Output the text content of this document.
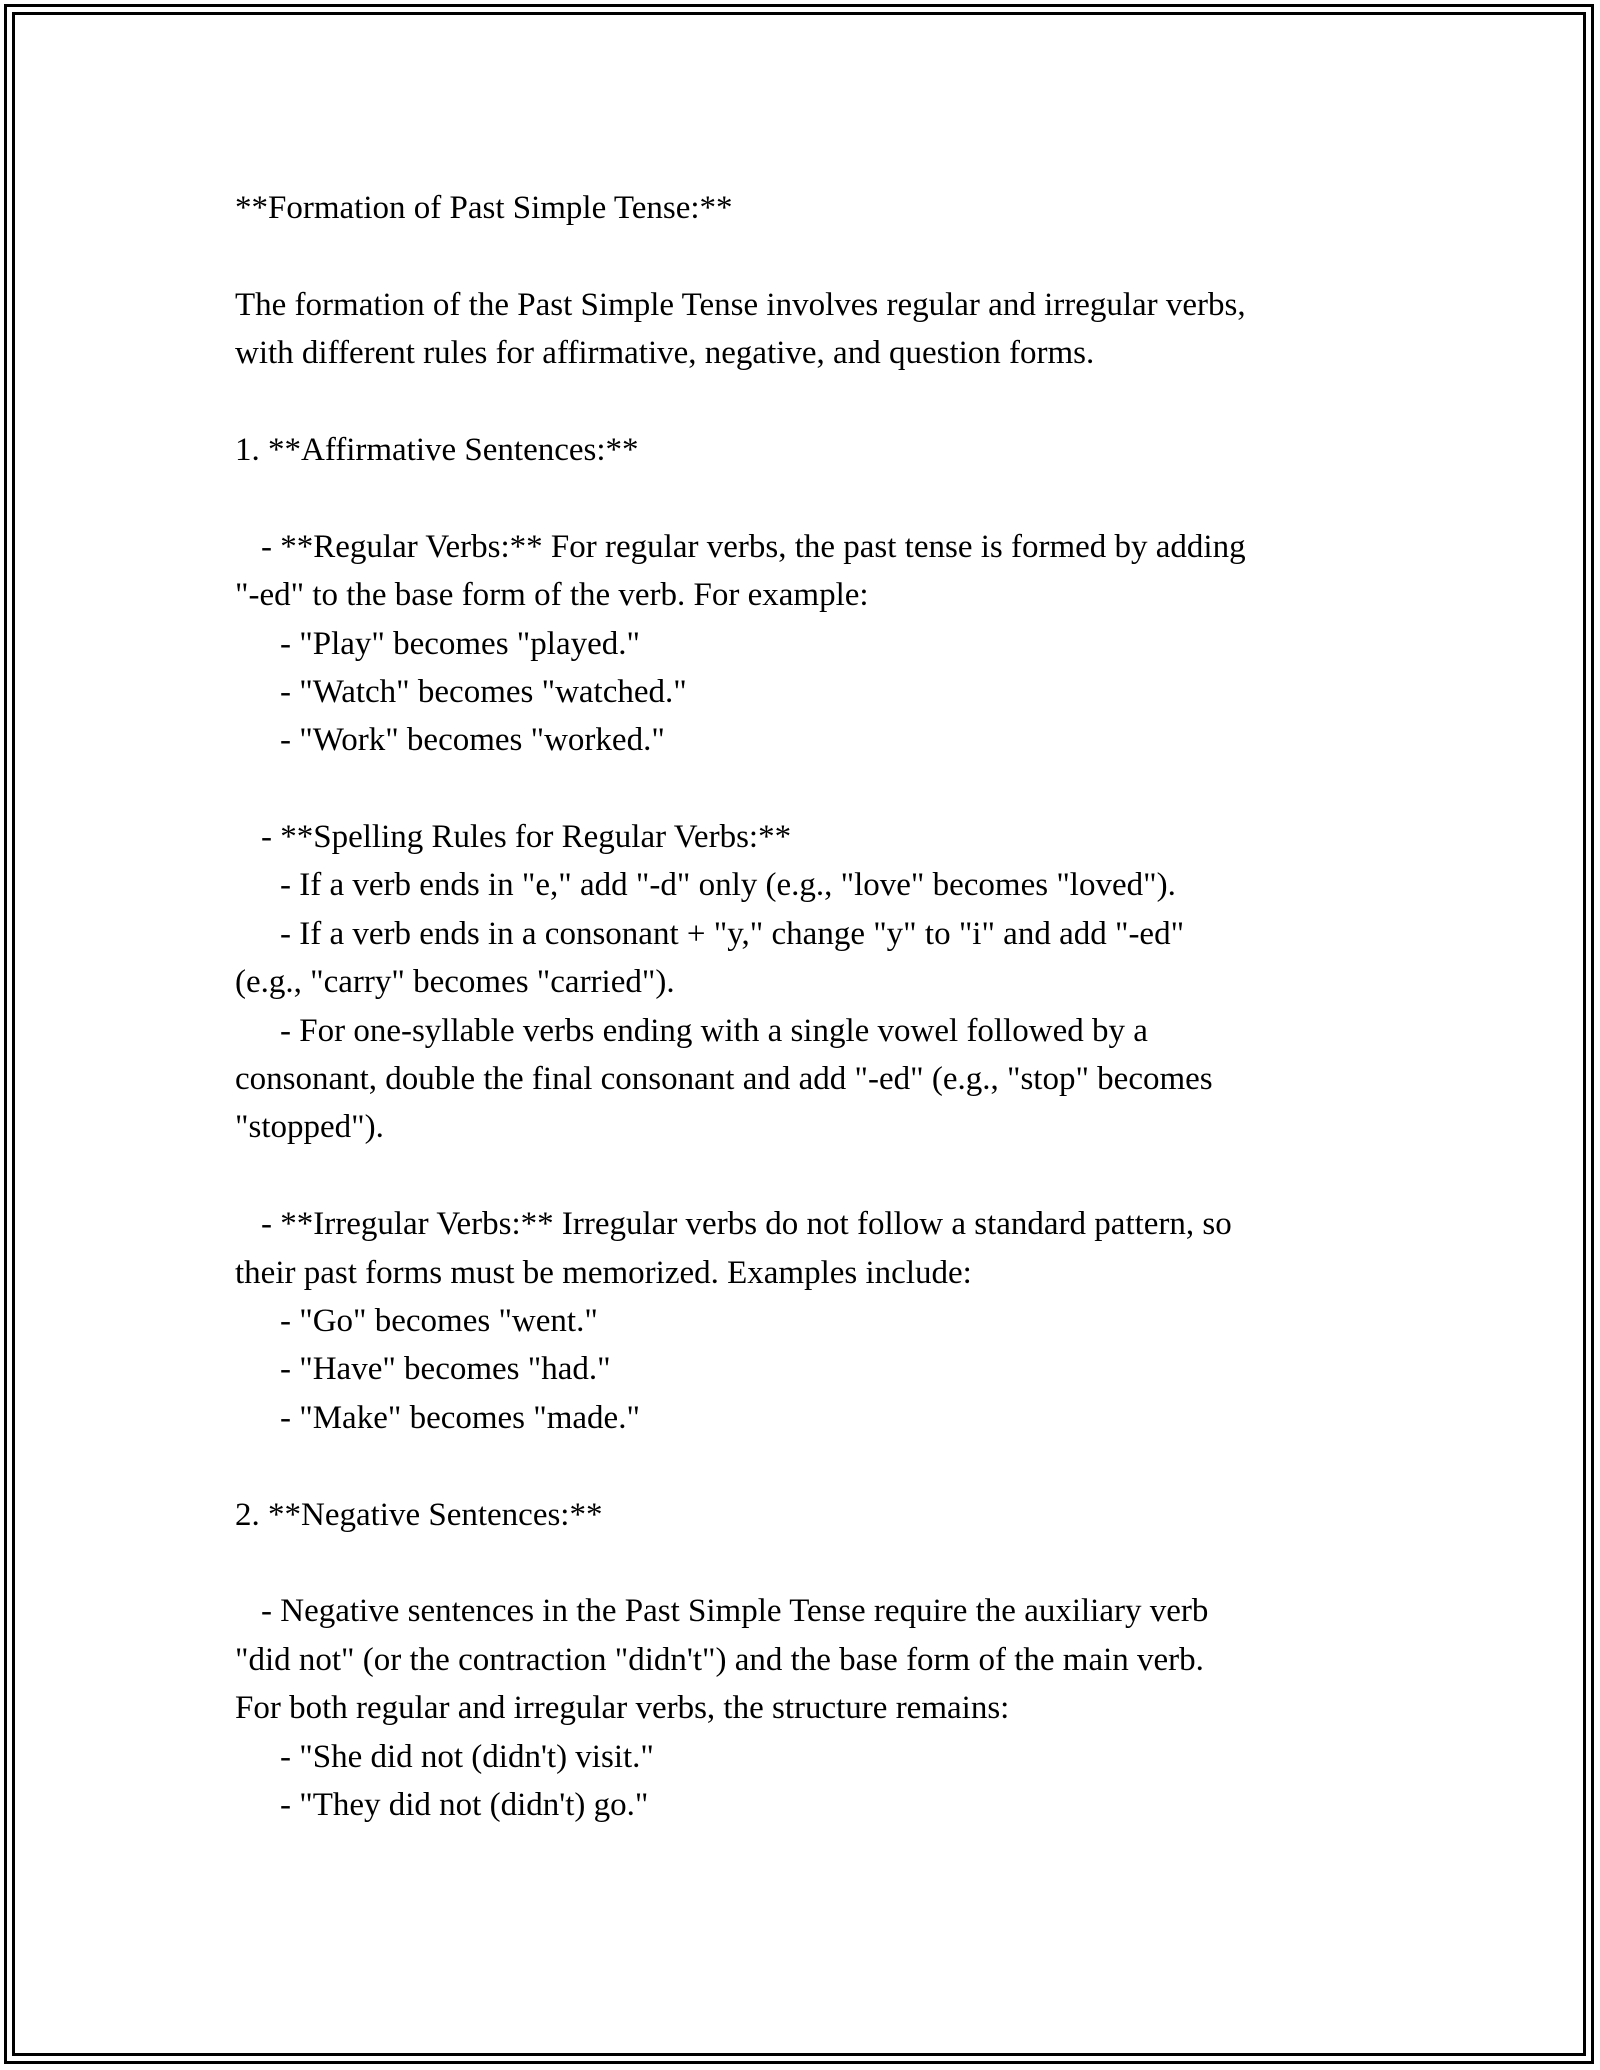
**Formation of Past Simple Tense:**
The formation of the Past Simple Tense involves regular and irregular verbs,
with different rules for affirmative, negative, and question forms.
1. **Affirmative Sentences:**
- **Regular Verbs:** For regular verbs, the past tense is formed by adding
"-ed" to the base form of the verb. For example:
- "Play" becomes "played."
- "Watch" becomes "watched."
- "Work" becomes "worked."
- **Spelling Rules for Regular Verbs:**
- If a verb ends in "e," add "-d" only (e.g., "love" becomes "loved").
- If a verb ends in a consonant + "y," change "y" to "i" and add "-ed"
(e.g., "carry" becomes "carried").
- For one-syllable verbs ending with a single vowel followed by a
consonant, double the final consonant and add "-ed" (e.g., "stop" becomes
"stopped").
- **Irregular Verbs:** Irregular verbs do not follow a standard pattern, so
their past forms must be memorized. Examples include:
- "Go" becomes "went."
- "Have" becomes "had."
- "Make" becomes "made."
2. **Negative Sentences:**
- Negative sentences in the Past Simple Tense require the auxiliary verb
"did not" (or the contraction "didn't") and the base form of the main verb.
For both regular and irregular verbs, the structure remains:
- "She did not (didn't) visit."
- "They did not (didn't) go."
